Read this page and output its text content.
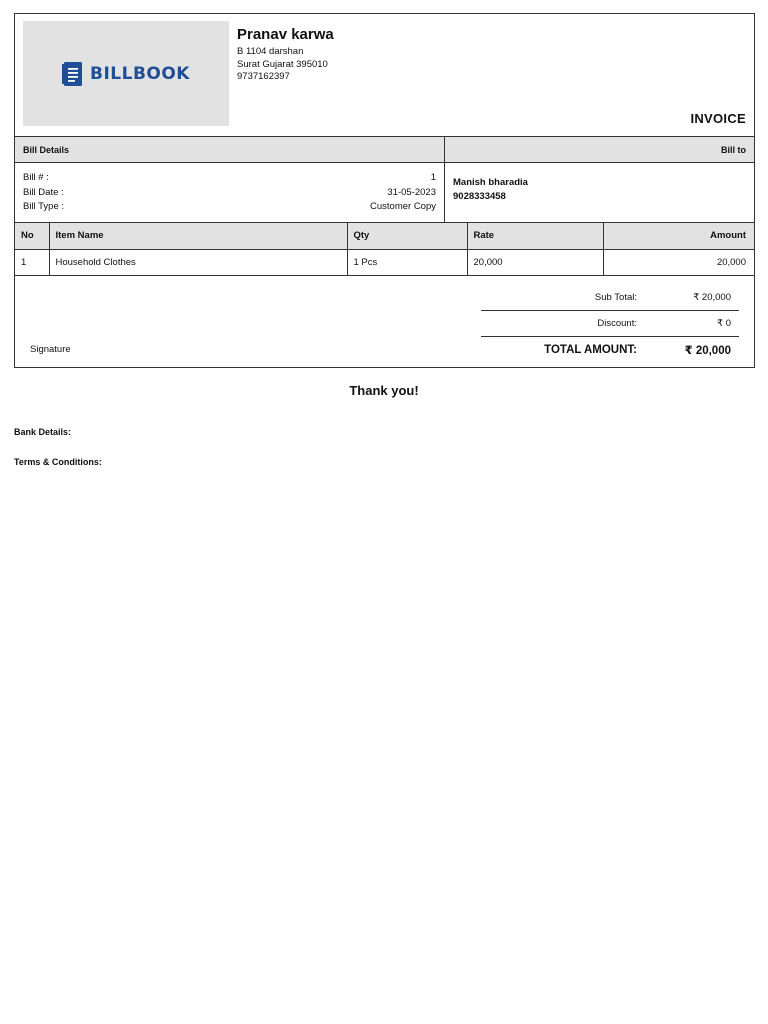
BILLBOOK
Pranav karwa
B 1104 darshan
Surat Gujarat 395010
9737162397
INVOICE
Bill Details	Bill to
Bill # :	1
Bill Date :	31-05-2023
Bill Type :	Customer Copy
Manish bharadia
9028333458
No	Item Name	Qty	Rate	Amount
1	Household Clothes	1 Pcs	20,000	20,000
Signature
Sub Total:	₹ 20,000
Discount:	₹ 0
TOTAL AMOUNT:	₹ 20,000
Thank you!
Bank Details:
Terms & Conditions:
